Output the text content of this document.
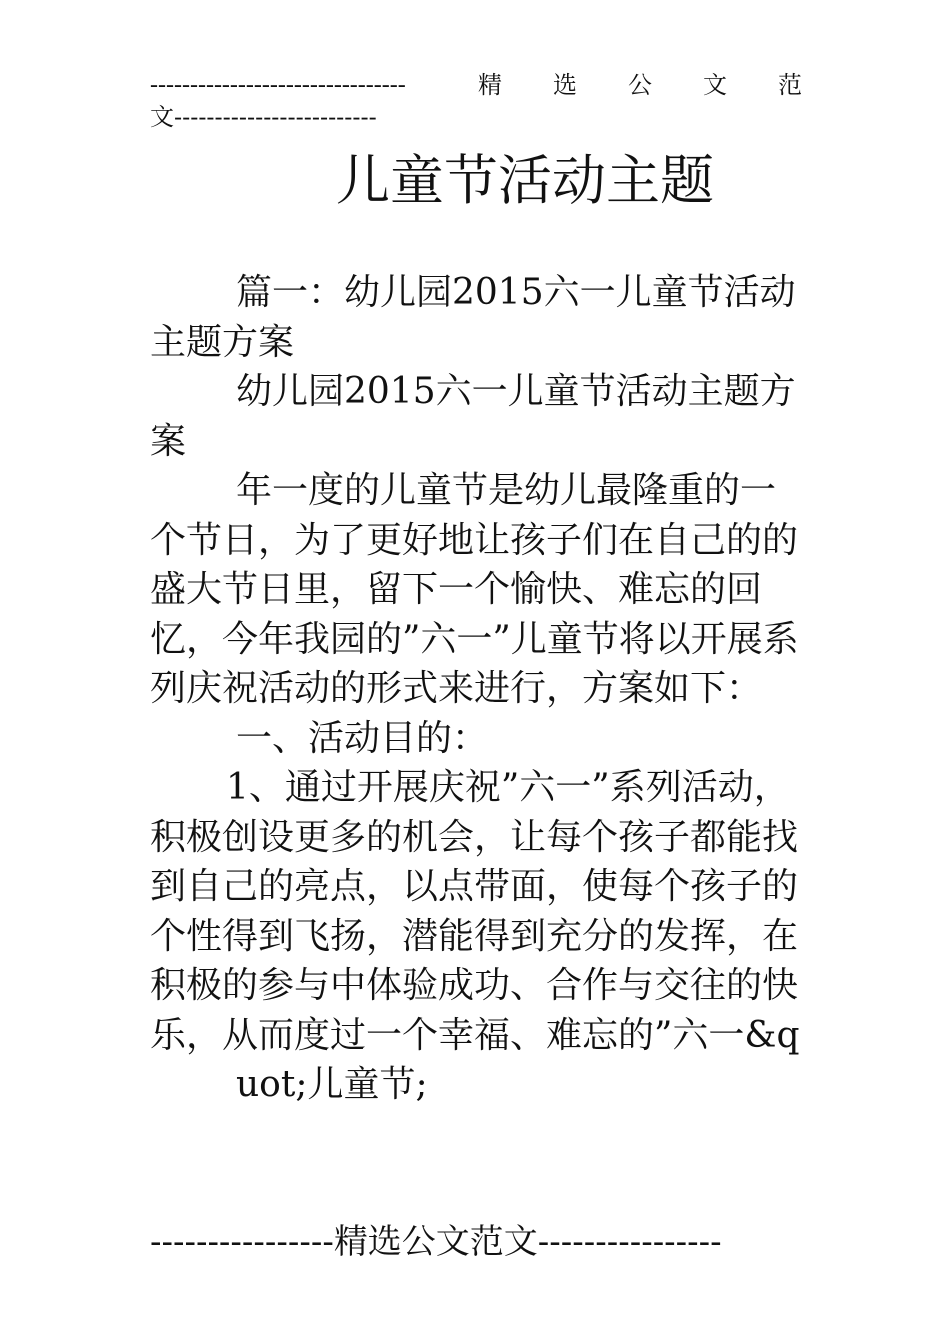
--------------------------------	精 选 公 文 范
文-------------------------
儿童节活动主题

篇一：幼儿园2015六一儿童节活动主题方案

幼儿园2015六一儿童节活动主题方案

年一度的儿童节是幼儿最隆重的一个节日，为了更好地让孩子们在自己的的盛大节日里，留下一个愉快、难忘的回忆，今年我园的”六一”儿童节将以开展系列庆祝活动的形式来进行，方案如下：

一、活动目的：

1、通过开展庆祝”六一”系列活动，积极创设更多的机会，让每个孩子都能找到自己的亮点，以点带面，使每个孩子的个性得到飞扬，潜能得到充分的发挥，在积极的参与中体验成功、合作与交往的快乐，从而度过一个幸福、难忘的”六一&q

uot;儿童节;

----------------精选公文范文----------------
